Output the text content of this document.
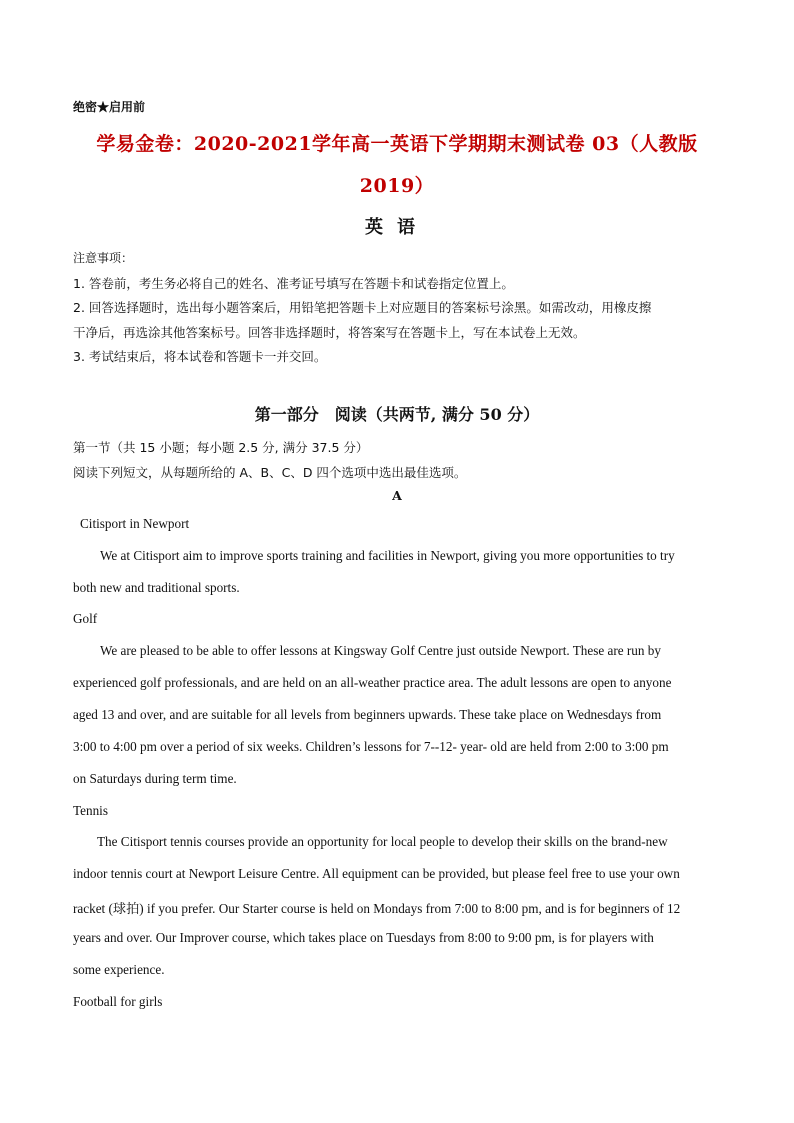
绝密★启用前
学易金卷：2020-2021学年高一英语下学期期末测试卷 03（人教版
2019）
英语
注意事项：
1. 答卷前，考生务必将自己的姓名、准考证号填写在答题卡和试卷指定位置上。
2. 回答选择题时，选出每小题答案后，用铅笔把答题卡上对应题目的答案标号涂黑。如需改动，用橡皮擦
干净后，再选涂其他答案标号。回答非选择题时，将答案写在答题卡上，写在本试卷上无效。
3. 考试结束后，将本试卷和答题卡一并交回。
第一部分　阅读（共两节, 满分 50 分）
第一节（共 15 小题；每小题 2.5 分, 满分 37.5 分）
阅读下列短文，从每题所给的 A、B、C、D 四个选项中选出最佳选项。
A
Citisport in Newport
We at Citisport aim to improve sports training and facilities in Newport, giving you more opportunities to try
both new and traditional sports.
Golf
We are pleased to be able to offer lessons at Kingsway Golf Centre just outside Newport. These are run by
experienced golf professionals, and are held on an all-weather practice area. The adult lessons are open to anyone
aged 13 and over, and are suitable for all levels from beginners upwards. These take place on Wednesdays from
3:00 to 4:00 pm over a period of six weeks. Children’s lessons for 7--12- year- old are held from 2:00 to 3:00 pm
on Saturdays during term time.
Tennis
The Citisport tennis courses provide an opportunity for local people to develop their skills on the brand-new
indoor tennis court at Newport Leisure Centre. All equipment can be provided, but please feel free to use your own
racket (球拍) if you prefer. Our Starter course is held on Mondays from 7:00 to 8:00 pm, and is for beginners of 12
years and over. Our Improver course, which takes place on Tuesdays from 8:00 to 9:00 pm, is for players with
some experience.
Football for girls
